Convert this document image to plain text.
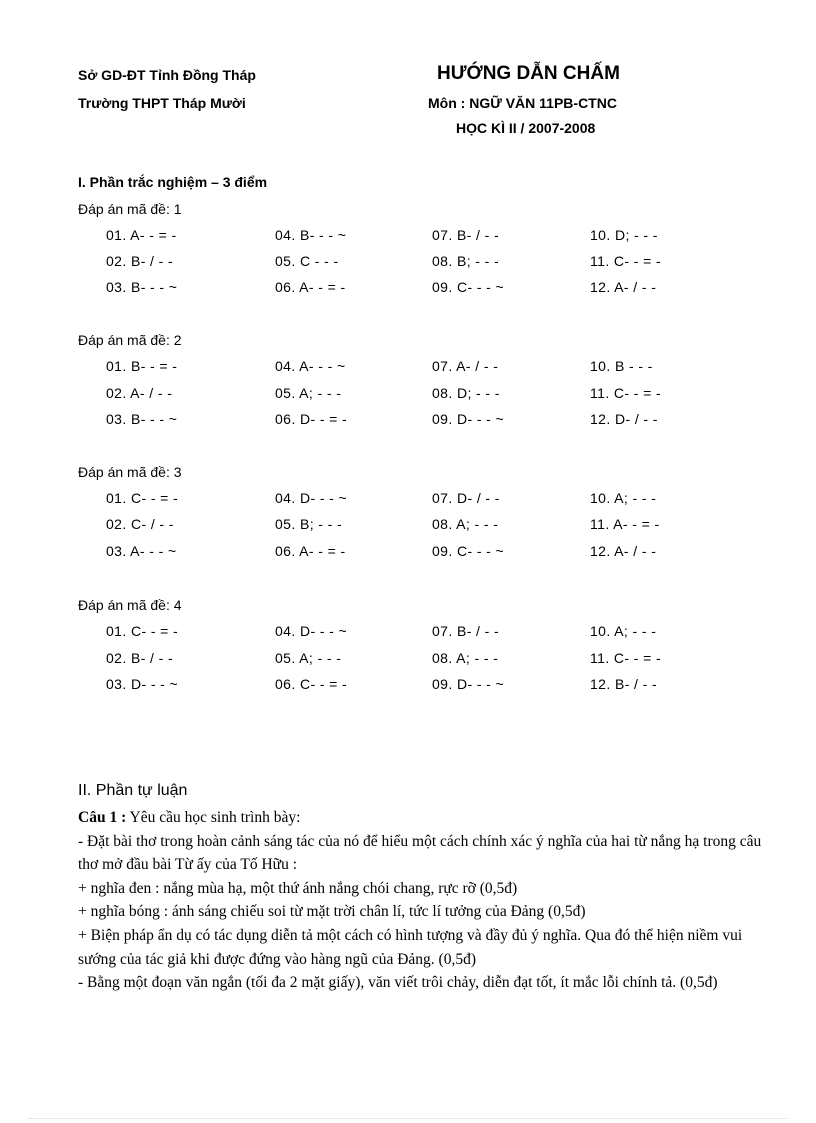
Sở GD-ĐT Tỉnh Đồng Tháp
Trường THPT Tháp Mười
HƯỚNG DẪN CHẤM
Môn : NGỮ VĂN 11PB-CTNC
HỌC KÌ II / 2007-2008
I. Phần trắc nghiệm – 3 điểm
Đáp án mã đề: 1
01. A- - = -	04. B- - - ~	07. B- / - -	10. D; - - -
02. B- / - -	05. C - - -	08. B; - - -	11. C- - = -
03. B- - - ~	06. A- - = -	09. C- - - ~	12. A- / - -
Đáp án mã đề: 2
01. B- - = -	04. A- - - ~	07. A- / - -	10. B - - -
02. A- / - -	05. A; - - -	08. D; - - -	11. C- - = -
03. B- - - ~	06. D- - = -	09. D- - - ~	12. D- / - -
Đáp án mã đề: 3
01. C- - = -	04. D- - - ~	07. D- / - -	10. A; - - -
02. C- / - -	05. B; - - -	08. A; - - -	11. A- - = -
03. A- - - ~	06. A- - = -	09. C- - - ~	12. A- / - -
Đáp án mã đề: 4
01. C- - = -	04. D- - - ~	07. B- / - -	10. A; - - -
02. B- / - -	05. A; - - -	08. A; - - -	11. C- - = -
03. D- - - ~	06. C- - = -	09. D- - - ~	12. B- / - -
II. Phần tự luận

Câu 1 : Yêu cầu học sinh trình bày:

- Đặt bài thơ trong hoàn cảnh sáng tác của nó để hiểu một cách chính xác ý nghĩa của hai từ nắng hạ trong câu thơ mở đầu bài Từ ấy của Tố Hữu :

+ nghĩa đen : nắng mùa hạ, một thứ ánh nắng chói chang, rực rỡ (0,5đ)

+ nghĩa bóng : ánh sáng chiếu soi từ mặt trời chân lí, tức lí tưởng của Đảng (0,5đ)

+ Biện pháp ẩn dụ có tác dụng diễn tả một cách có hình tượng và đầy đủ ý nghĩa. Qua đó thể hiện niềm vui sướng của tác giả khi được đứng vào hàng ngũ của Đảng. (0,5đ)

- Bằng một đoạn văn ngắn (tối đa 2 mặt giấy), văn viết trôi chảy, diễn đạt tốt, ít mắc lỗi chính tả. (0,5đ)
